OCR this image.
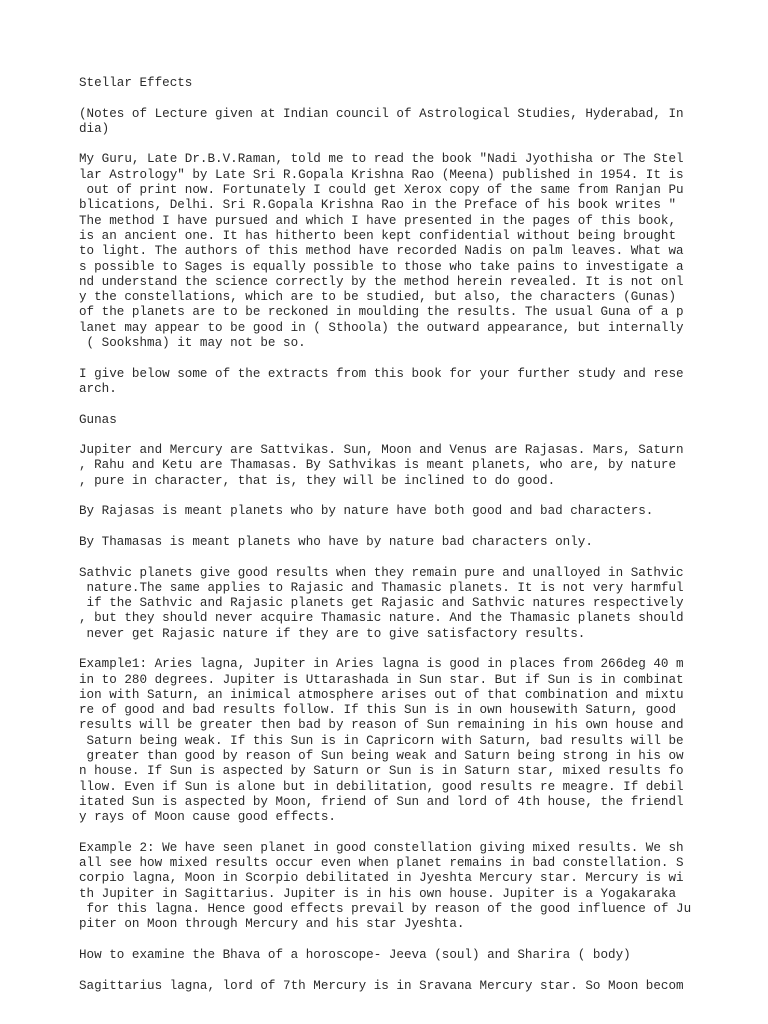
Stellar Effects
(Notes of Lecture given at Indian council of Astrological Studies, Hyderabad, In
dia)
My Guru, Late Dr.B.V.Raman, told me to read the book "Nadi Jyothisha or The Stel
lar Astrology" by Late Sri R.Gopala Krishna Rao (Meena) published in 1954. It is
out of print now. Fortunately I could get Xerox copy of the same from Ranjan Pu
blications, Delhi. Sri R.Gopala Krishna Rao in the Preface of his book writes "
The method I have pursued and which I have presented in the pages of this book,
is an ancient one. It has hitherto been kept confidential without being brought
to light. The authors of this method have recorded Nadis on palm leaves. What wa
s possible to Sages is equally possible to those who take pains to investigate a
nd understand the science correctly by the method herein revealed. It is not onl
y the constellations, which are to be studied, but also, the characters (Gunas)
of the planets are to be reckoned in moulding the results. The usual Guna of a p
lanet may appear to be good in ( Sthoola) the outward appearance, but internally
( Sookshma) it may not be so.
I give below some of the extracts from this book for your further study and rese
arch.
Gunas
Jupiter and Mercury are Sattvikas. Sun, Moon and Venus are Rajasas. Mars, Saturn
, Rahu and Ketu are Thamasas. By Sathvikas is meant planets, who are, by nature
, pure in character, that is, they will be inclined to do good.
By Rajasas is meant planets who by nature have both good and bad characters.
By Thamasas is meant planets who have by nature bad characters only.
Sathvic planets give good results when they remain pure and unalloyed in Sathvic
nature.The same applies to Rajasic and Thamasic planets. It is not very harmful
if the Sathvic and Rajasic planets get Rajasic and Sathvic natures respectively
, but they should never acquire Thamasic nature. And the Thamasic planets should
never get Rajasic nature if they are to give satisfactory results.
Example1: Aries lagna, Jupiter in Aries lagna is good in places from 266deg 40 m
in to 280 degrees. Jupiter is Uttarashada in Sun star. But if Sun is in combinat
ion with Saturn, an inimical atmosphere arises out of that combination and mixtu
re of good and bad results follow. If this Sun is in own housewith Saturn, good
results will be greater then bad by reason of Sun remaining in his own house and
Saturn being weak. If this Sun is in Capricorn with Saturn, bad results will be
greater than good by reason of Sun being weak and Saturn being strong in his ow
n house. If Sun is aspected by Saturn or Sun is in Saturn star, mixed results fo
llow. Even if Sun is alone but in debilitation, good results re meagre. If debil
itated Sun is aspected by Moon, friend of Sun and lord of 4th house, the friendl
y rays of Moon cause good effects.
Example 2: We have seen planet in good constellation giving mixed results. We sh
all see how mixed results occur even when planet remains in bad constellation. S
corpio lagna, Moon in Scorpio debilitated in Jyeshta Mercury star. Mercury is wi
th Jupiter in Sagittarius. Jupiter is in his own house. Jupiter is a Yogakaraka
for this lagna. Hence good effects prevail by reason of the good influence of Ju
piter on Moon through Mercury and his star Jyeshta.
How to examine the Bhava of a horoscope- Jeeva (soul) and Sharira ( body)
Sagittarius lagna, lord of 7th Mercury is in Sravana Mercury star. So Moon becom
